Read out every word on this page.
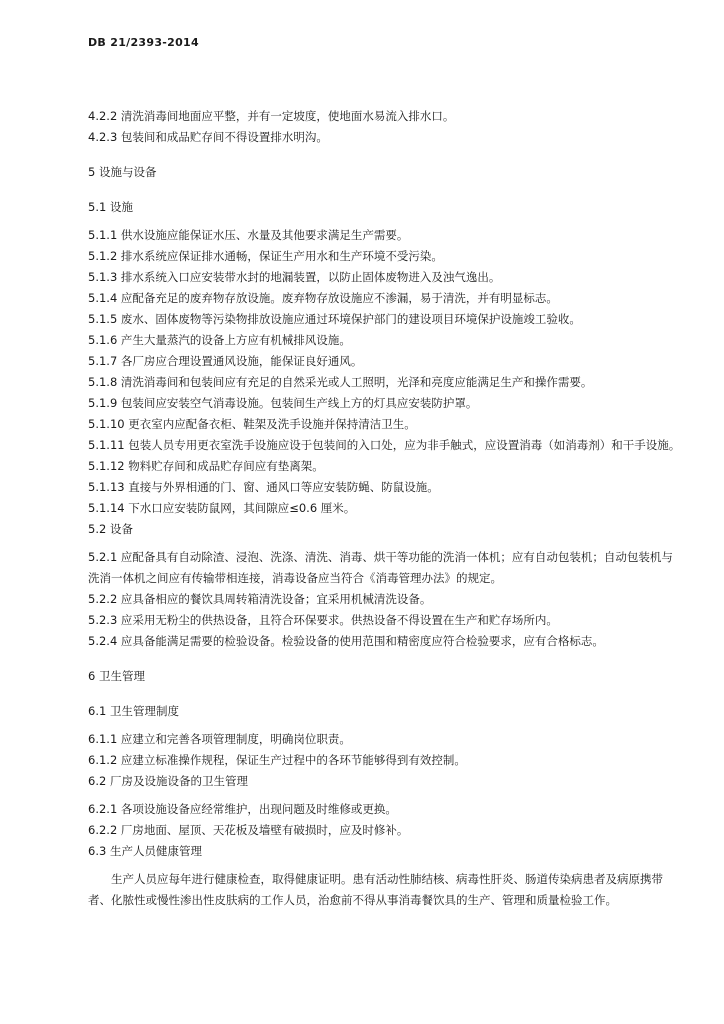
DB 21/2393-2014
4.2.2 清洗消毒间地面应平整，并有一定坡度，使地面水易流入排水口。
4.2.3 包装间和成品贮存间不得设置排水明沟。
5 设施与设备
5.1 设施
5.1.1 供水设施应能保证水压、水量及其他要求满足生产需要。
5.1.2 排水系统应保证排水通畅，保证生产用水和生产环境不受污染。
5.1.3 排水系统入口应安装带水封的地漏装置，以防止固体废物进入及浊气逸出。
5.1.4 应配备充足的废弃物存放设施。废弃物存放设施应不渗漏，易于清洗，并有明显标志。
5.1.5 废水、固体废物等污染物排放设施应通过环境保护部门的建设项目环境保护设施竣工验收。
5.1.6 产生大量蒸汽的设备上方应有机械排风设施。
5.1.7 各厂房应合理设置通风设施，能保证良好通风。
5.1.8 清洗消毒间和包装间应有充足的自然采光或人工照明，光泽和亮度应能满足生产和操作需要。
5.1.9 包装间应安装空气消毒设施。包装间生产线上方的灯具应安装防护罩。
5.1.10 更衣室内应配备衣柜、鞋架及洗手设施并保持清洁卫生。
5.1.11 包装人员专用更衣室洗手设施应设于包装间的入口处，应为非手触式，应设置消毒（如消毒剂）和干手设施。
5.1.12 物料贮存间和成品贮存间应有垫离架。
5.1.13 直接与外界相通的门、窗、通风口等应安装防蝇、防鼠设施。
5.1.14 下水口应安装防鼠网，其间隙应≤0.6 厘米。
5.2 设备
5.2.1 应配备具有自动除渣、浸泡、洗涤、清洗、消毒、烘干等功能的洗消一体机；应有自动包装机；自动包装机与洗消一体机之间应有传输带相连接，消毒设备应当符合《消毒管理办法》的规定。
5.2.2 应具备相应的餐饮具周转箱清洗设备；宜采用机械清洗设备。
5.2.3 应采用无粉尘的供热设备，且符合环保要求。供热设备不得设置在生产和贮存场所内。
5.2.4 应具备能满足需要的检验设备。检验设备的使用范围和精密度应符合检验要求，应有合格标志。
6 卫生管理
6.1 卫生管理制度
6.1.1 应建立和完善各项管理制度，明确岗位职责。
6.1.2 应建立标准操作规程，保证生产过程中的各环节能够得到有效控制。
6.2 厂房及设施设备的卫生管理
6.2.1 各项设施设备应经常维护，出现问题及时维修或更换。
6.2.2 厂房地面、屋顶、天花板及墙壁有破损时，应及时修补。
6.3 生产人员健康管理
生产人员应每年进行健康检查，取得健康证明。患有活动性肺结核、病毒性肝炎、肠道传染病患者及病原携带者、化脓性或慢性渗出性皮肤病的工作人员，治愈前不得从事消毒餐饮具的生产、管理和质量检验工作。
